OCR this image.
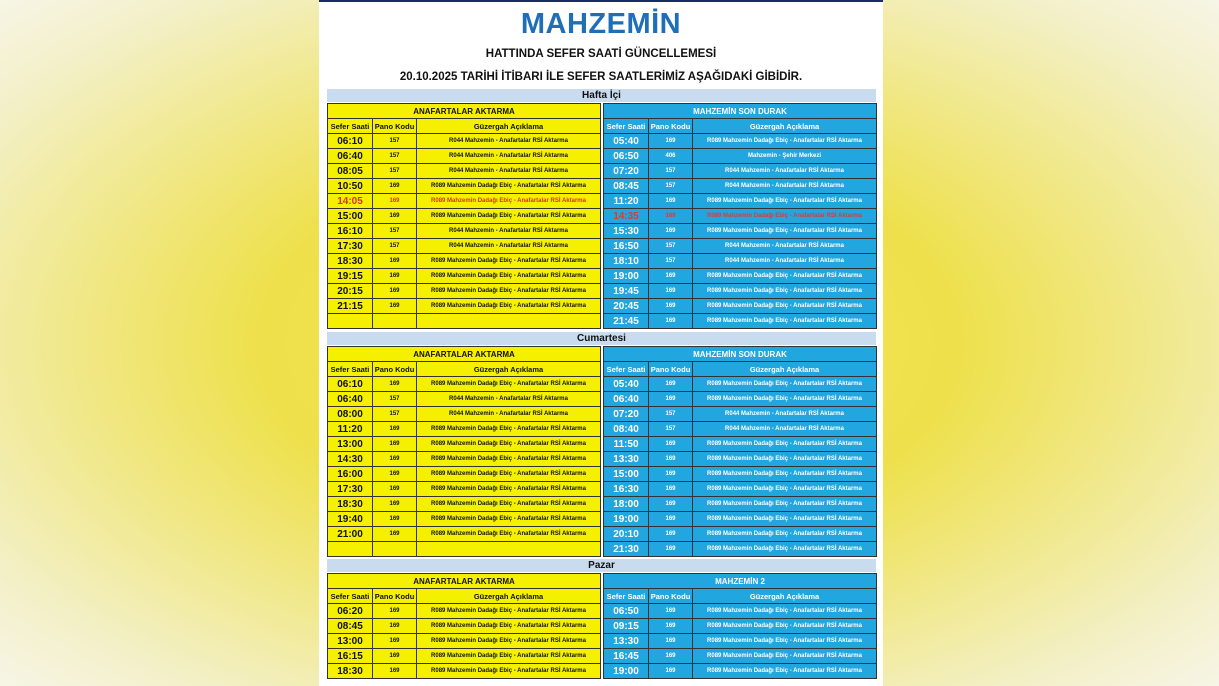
MAHZEMİN
HATTINDA SEFER SAATİ GÜNCELLEMESİ
20.10.2025 TARİHİ İTİBARI İLE SEFER SAATLERİMİZ AŞAĞIDAKİ GİBİDİR.
Hafta İçi
ANAFARTALAR AKTARMA		
Sefer Saati	Pano Kodu	Güzergah Açıklama
06:10	157	R044 Mahzemin - Anafartalar RSİ Aktarma
06:40	157	R044 Mahzemin - Anafartalar RSİ Aktarma
08:05	157	R044 Mahzemin - Anafartalar RSİ Aktarma
10:50	169	R089 Mahzemin Dadağı Ebiç - Anafartalar RSİ Aktarma
14:05	169	R089 Mahzemin Dadağı Ebiç - Anafartalar RSİ Aktarma
15:00	169	R089 Mahzemin Dadağı Ebiç - Anafartalar RSİ Aktarma
16:10	157	R044 Mahzemin - Anafartalar RSİ Aktarma
17:30	157	R044 Mahzemin - Anafartalar RSİ Aktarma
18:30	169	R089 Mahzemin Dadağı Ebiç - Anafartalar RSİ Aktarma
19:15	169	R089 Mahzemin Dadağı Ebiç - Anafartalar RSİ Aktarma
20:15	169	R089 Mahzemin Dadağı Ebiç - Anafartalar RSİ Aktarma
21:15	169	R089 Mahzemin Dadağı Ebiç - Anafartalar RSİ Aktarma

MAHZEMİN SON DURAK		
Sefer Saati	Pano Kodu	Güzergah Açıklama
05:40	169	R089 Mahzemin Dadağı Ebiç - Anafartalar RSİ Aktarma
06:50	406	Mahzemin - Şehir Merkezi
07:20	157	R044 Mahzemin - Anafartalar RSİ Aktarma
08:45	157	R044 Mahzemin - Anafartalar RSİ Aktarma
11:20	169	R089 Mahzemin Dadağı Ebiç - Anafartalar RSİ Aktarma
14:35	169	R089 Mahzemin Dadağı Ebiç - Anafartalar RSİ Aktarma
15:30	169	R089 Mahzemin Dadağı Ebiç - Anafartalar RSİ Aktarma
16:50	157	R044 Mahzemin - Anafartalar RSİ Aktarma
18:10	157	R044 Mahzemin - Anafartalar RSİ Aktarma
19:00	169	R089 Mahzemin Dadağı Ebiç - Anafartalar RSİ Aktarma
19:45	169	R089 Mahzemin Dadağı Ebiç - Anafartalar RSİ Aktarma
20:45	169	R089 Mahzemin Dadağı Ebiç - Anafartalar RSİ Aktarma
21:45	169	R089 Mahzemin Dadağı Ebiç - Anafartalar RSİ Aktarma
Cumartesi
ANAFARTALAR AKTARMA		
Sefer Saati	Pano Kodu	Güzergah Açıklama
06:10	169	R089 Mahzemin Dadağı Ebiç - Anafartalar RSİ Aktarma
06:40	157	R044 Mahzemin - Anafartalar RSİ Aktarma
08:00	157	R044 Mahzemin - Anafartalar RSİ Aktarma
11:20	169	R089 Mahzemin Dadağı Ebiç - Anafartalar RSİ Aktarma
13:00	169	R089 Mahzemin Dadağı Ebiç - Anafartalar RSİ Aktarma
14:30	169	R089 Mahzemin Dadağı Ebiç - Anafartalar RSİ Aktarma
16:00	169	R089 Mahzemin Dadağı Ebiç - Anafartalar RSİ Aktarma
17:30	169	R089 Mahzemin Dadağı Ebiç - Anafartalar RSİ Aktarma
18:30	169	R089 Mahzemin Dadağı Ebiç - Anafartalar RSİ Aktarma
19:40	169	R089 Mahzemin Dadağı Ebiç - Anafartalar RSİ Aktarma
21:00	169	R089 Mahzemin Dadağı Ebiç - Anafartalar RSİ Aktarma

MAHZEMİN SON DURAK		
Sefer Saati	Pano Kodu	Güzergah Açıklama
05:40	169	R089 Mahzemin Dadağı Ebiç - Anafartalar RSİ Aktarma
06:40	169	R089 Mahzemin Dadağı Ebiç - Anafartalar RSİ Aktarma
07:20	157	R044 Mahzemin - Anafartalar RSİ Aktarma
08:40	157	R044 Mahzemin - Anafartalar RSİ Aktarma
11:50	169	R089 Mahzemin Dadağı Ebiç - Anafartalar RSİ Aktarma
13:30	169	R089 Mahzemin Dadağı Ebiç - Anafartalar RSİ Aktarma
15:00	169	R089 Mahzemin Dadağı Ebiç - Anafartalar RSİ Aktarma
16:30	169	R089 Mahzemin Dadağı Ebiç - Anafartalar RSİ Aktarma
18:00	169	R089 Mahzemin Dadağı Ebiç - Anafartalar RSİ Aktarma
19:00	169	R089 Mahzemin Dadağı Ebiç - Anafartalar RSİ Aktarma
20:10	169	R089 Mahzemin Dadağı Ebiç - Anafartalar RSİ Aktarma
21:30	169	R089 Mahzemin Dadağı Ebiç - Anafartalar RSİ Aktarma
Pazar
ANAFARTALAR AKTARMA		
Sefer Saati	Pano Kodu	Güzergah Açıklama
06:20	169	R089 Mahzemin Dadağı Ebiç - Anafartalar RSİ Aktarma
08:45	169	R089 Mahzemin Dadağı Ebiç - Anafartalar RSİ Aktarma
13:00	169	R089 Mahzemin Dadağı Ebiç - Anafartalar RSİ Aktarma
16:15	169	R089 Mahzemin Dadağı Ebiç - Anafartalar RSİ Aktarma
18:30	169	R089 Mahzemin Dadağı Ebiç - Anafartalar RSİ Aktarma
MAHZEMİN 2		
Sefer Saati	Pano Kodu	Güzergah Açıklama
06:50	169	R089 Mahzemin Dadağı Ebiç - Anafartalar RSİ Aktarma
09:15	169	R089 Mahzemin Dadağı Ebiç - Anafartalar RSİ Aktarma
13:30	169	R089 Mahzemin Dadağı Ebiç - Anafartalar RSİ Aktarma
16:45	169	R089 Mahzemin Dadağı Ebiç - Anafartalar RSİ Aktarma
19:00	169	R089 Mahzemin Dadağı Ebiç - Anafartalar RSİ Aktarma
